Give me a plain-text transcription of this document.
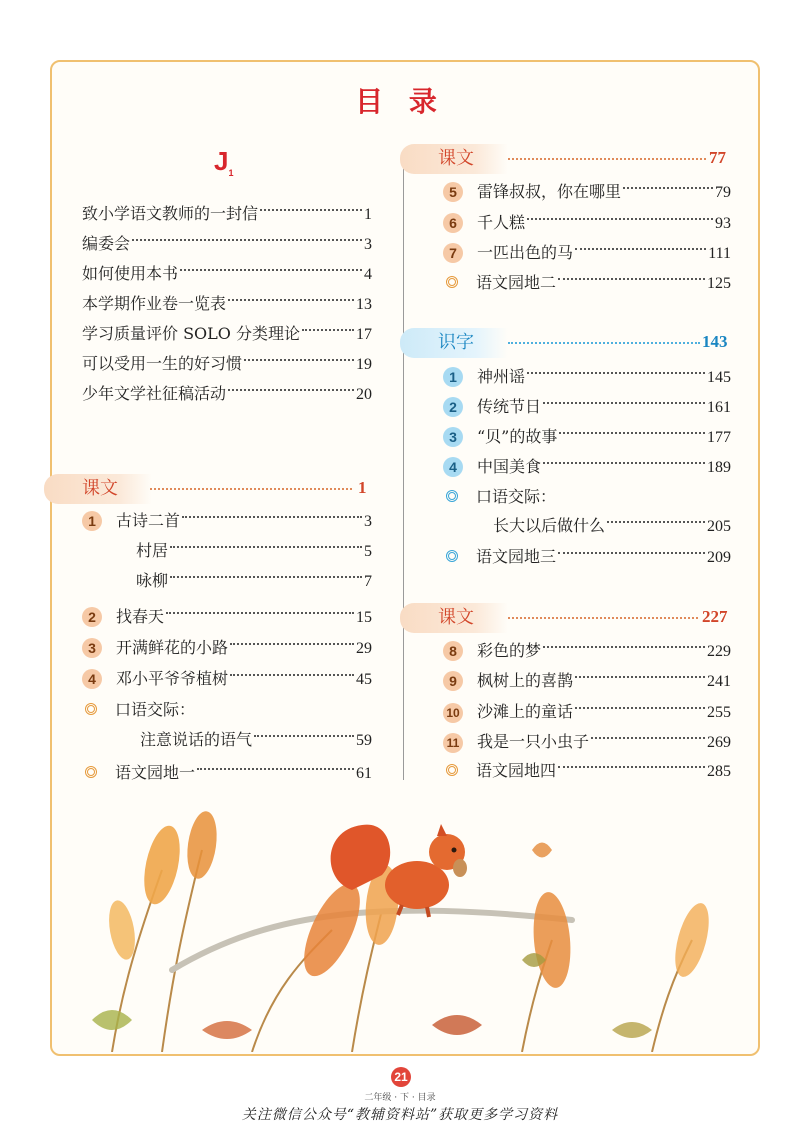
目 录
$J_1$
致小学语文教师的一封信	1
编委会	3
如何使用本书	4
本学期作业卷一览表	13
学习质量评价 SOLO 分类理论	17
可以受用一生的好习惯	19
少年文学社征稿活动	20
课文	1
1	古诗二首	3
村居	5
咏柳	7
2	找春天	15
3	开满鲜花的小路	29
4	邓小平爷爷植树	45
口语交际：
注意说话的语气	59
语文园地一	61
课文	77
5	雷锋叔叔，你在哪里	79
6	千人糕	93
7	一匹出色的马	111
语文园地二	125
识字	143
1	神州谣	145
2	传统节日	161
3	“贝”的故事	177
4	中国美食	189
口语交际：
长大以后做什么	205
语文园地三	209
课文	227
8	彩色的梦	229
9	枫树上的喜鹊	241
10 沙滩上的童话	255
11 我是一只小虫子	269
语文园地四	285
21
二年级 · 下 · 目录
关注微信公众号“教辅资料站”获取更多学习资料
